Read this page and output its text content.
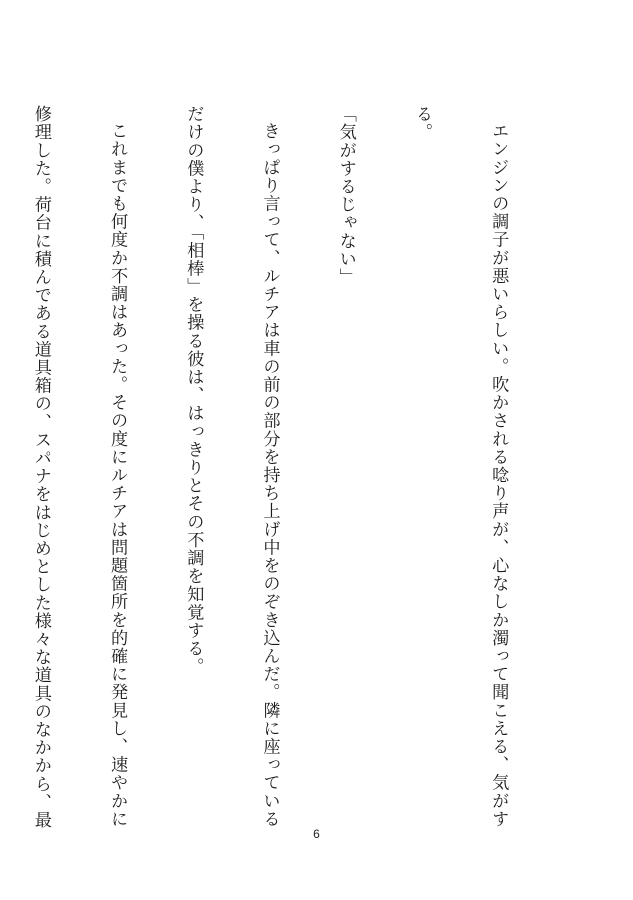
エンジンの調子が悪いらしい。吹かされる唸り声が、心なしか濁って聞こえる、気がす

る。

「気がするじゃない」

きっぱり言って、ルチアは車の前の部分を持ち上げ中をのぞき込んだ。隣に座っている

だけの僕より、「相棒」を操る彼は、はっきりとその不調を知覚する。

これまでも何度か不調はあった。その度にルチアは問題箇所を的確に発見し、速やかに

修理した。荷台に積んである道具箱の、スパナをはじめとした様々な道具のなかから、最

6
